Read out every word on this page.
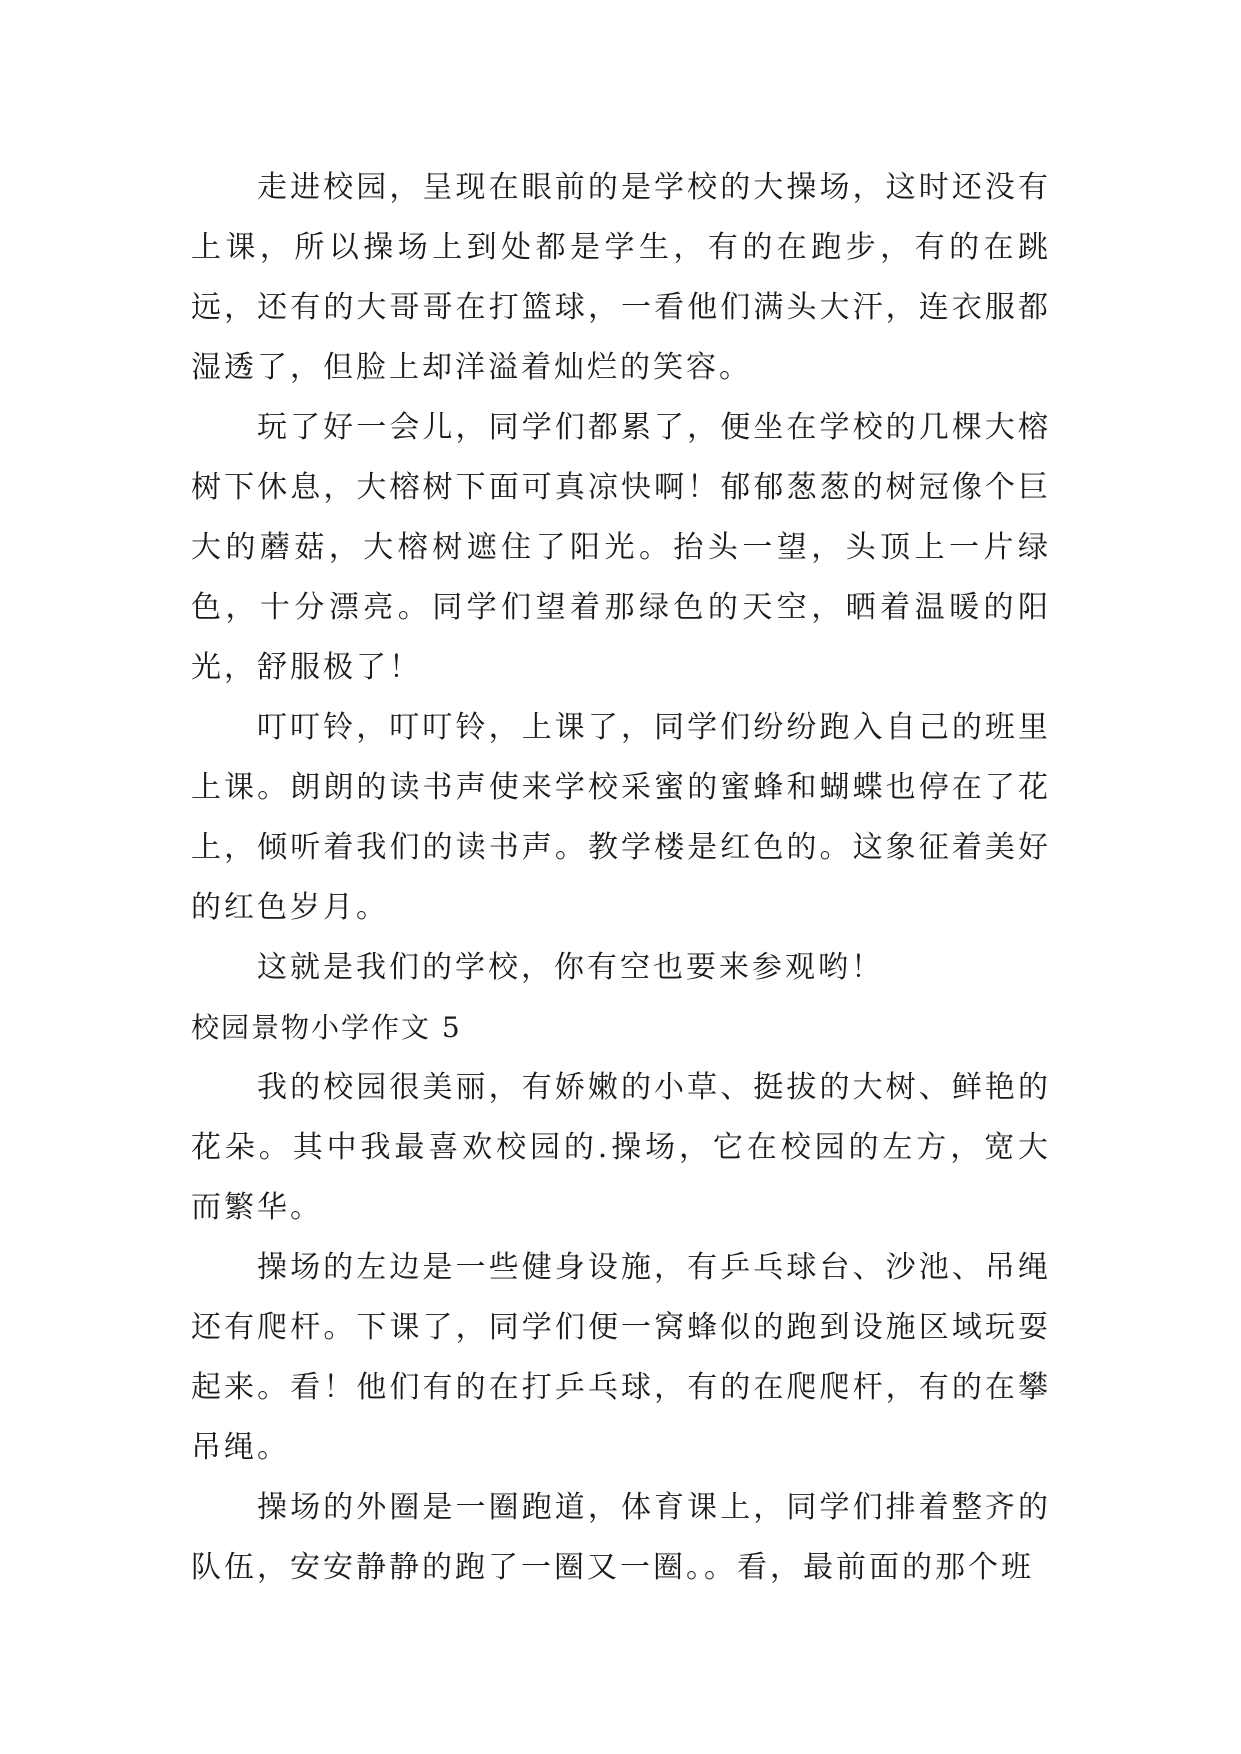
走进校园，呈现在眼前的是学校的大操场，这时还没有上课，所以操场上到处都是学生，有的在跑步，有的在跳远，还有的大哥哥在打篮球，一看他们满头大汗，连衣服都湿透了，但脸上却洋溢着灿烂的笑容。

玩了好一会儿，同学们都累了，便坐在学校的几棵大榕树下休息，大榕树下面可真凉快啊！郁郁葱葱的树冠像个巨大的蘑菇，大榕树遮住了阳光。抬头一望，头顶上一片绿色，十分漂亮。同学们望着那绿色的天空，晒着温暖的阳光，舒服极了！

叮叮铃，叮叮铃，上课了，同学们纷纷跑入自己的班里上课。朗朗的读书声使来学校采蜜的蜜蜂和蝴蝶也停在了花上，倾听着我们的读书声。教学楼是红色的。这象征着美好的红色岁月。

这就是我们的学校，你有空也要来参观哟！

校园景物小学作文 5

我的校园很美丽，有娇嫩的小草、挺拔的大树、鲜艳的花朵。其中我最喜欢校园的.操场，它在校园的左方，宽大而繁华。

操场的左边是一些健身设施，有乒乓球台、沙池、吊绳还有爬杆。下课了，同学们便一窝蜂似的跑到设施区域玩耍起来。看！他们有的在打乒乓球，有的在爬爬杆，有的在攀吊绳。

操场的外圈是一圈跑道，体育课上，同学们排着整齐的队伍，安安静静的跑了一圈又一圈。。看，最前面的那个班
